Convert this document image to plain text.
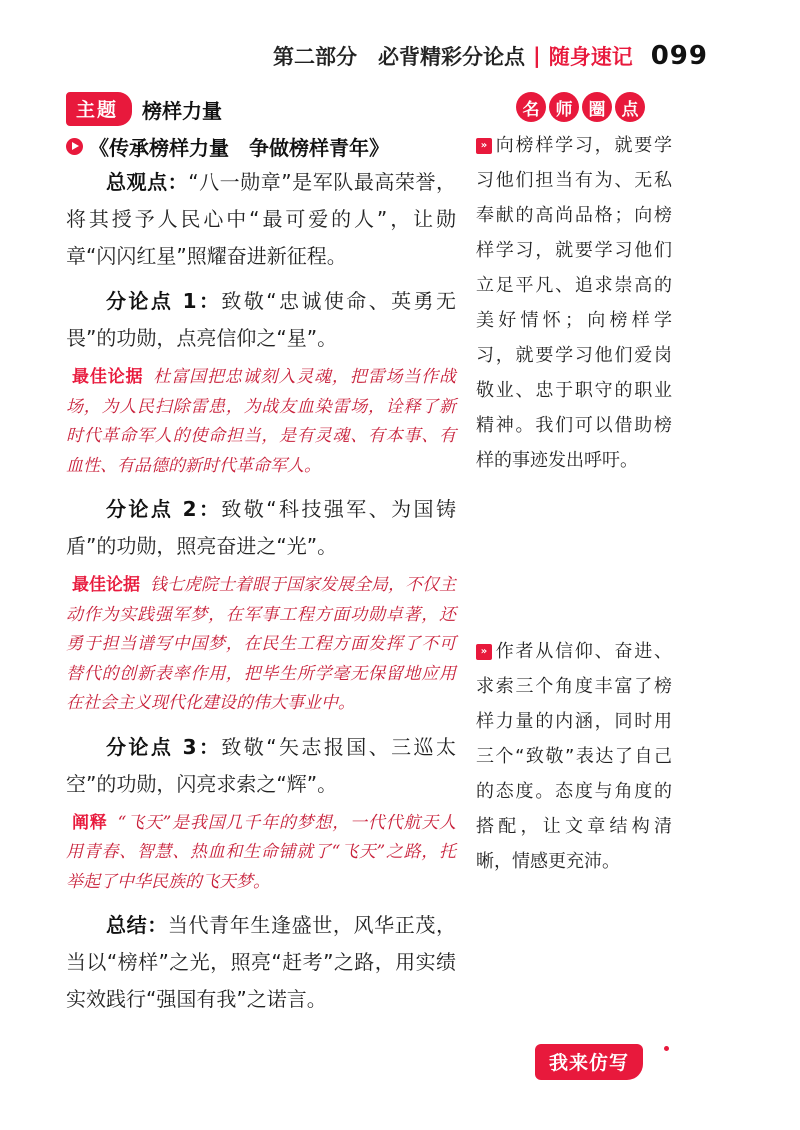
第二部分　必背精彩分论点 | 随身速记 099
主题	榜样力量	名 师 圈 点
《传承榜样力量　争做榜样青年》

总观点：“八一勋章”是军队最高荣誉，将其授予人民心中“最可爱的人”，让勋章“闪闪红星”照耀奋进新征程。

分论点 1：致敬“忠诚使命、英勇无畏”的功勋，点亮信仰之“星”。

最佳论据 杜富国把忠诚刻入灵魂，把雷场当作战场，为人民扫除雷患，为战友血染雷场，诠释了新时代革命军人的使命担当，是有灵魂、有本事、有血性、有品德的新时代革命军人。

分论点 2：致敬“科技强军、为国铸盾”的功勋，照亮奋进之“光”。

最佳论据 钱七虎院士着眼于国家发展全局，不仅主动作为实践强军梦，在军事工程方面功勋卓著，还勇于担当谱写中国梦，在民生工程方面发挥了不可替代的创新表率作用，把毕生所学毫无保留地应用在社会主义现代化建设的伟大事业中。

分论点 3：致敬“矢志报国、三巡太空”的功勋，闪亮求索之“辉”。

阐释 “飞天”是我国几千年的梦想，一代代航天人用青春、智慧、热血和生命铺就了“飞天”之路，托举起了中华民族的飞天梦。

总结：当代青年生逢盛世，风华正茂，当以“榜样”之光，照亮“赶考”之路，用实绩实效践行“强国有我”之诺言。

» 向榜样学习，就要学习他们担当有为、无私奉献的高尚品格；向榜样学习，就要学习他们立足平凡、追求崇高的美好情怀；向榜样学习，就要学习他们爱岗敬业、忠于职守的职业精神。我们可以借助榜样的事迹发出呼吁。
» 作者从信仰、奋进、求索三个角度丰富了榜样力量的内涵，同时用三个“致敬”表达了自己的态度。态度与角度的搭配，让文章结构清晰，情感更充沛。
我来仿写
